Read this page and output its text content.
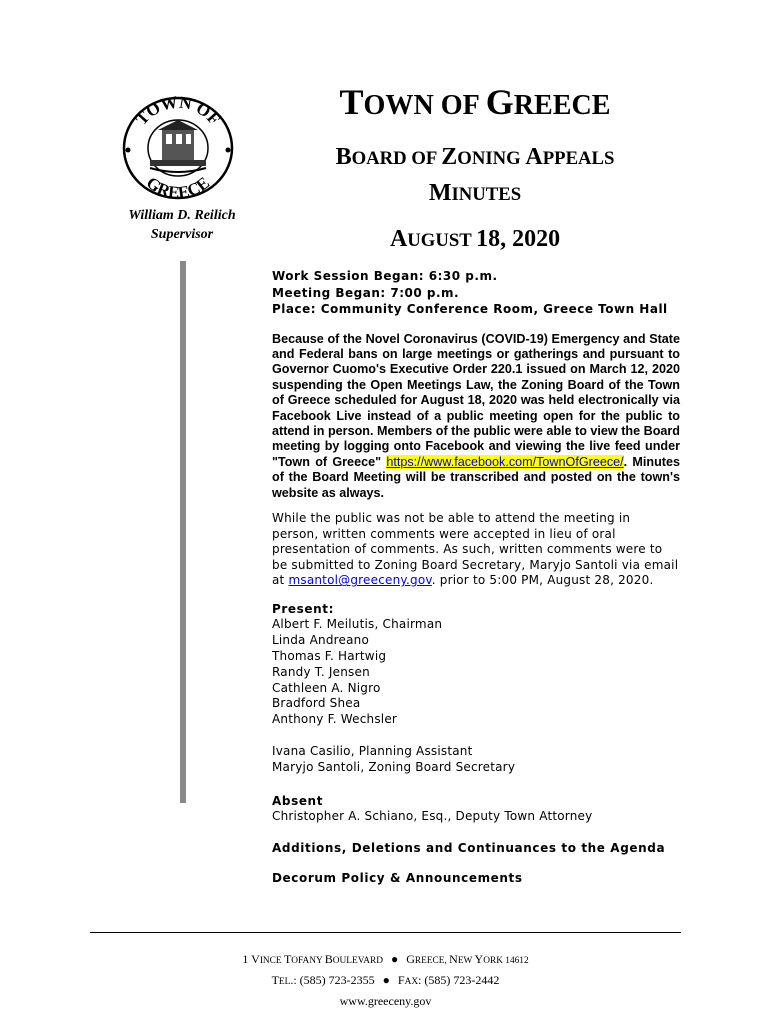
TOWN OF
GREECE
William D. Reilich
Supervisor
TOWN OF GREECE
BOARD OF ZONING APPEALS
MINUTES
AUGUST 18, 2020
Work Session Began: 6:30 p.m.
Meeting Began: 7:00 p.m.
Place: Community Conference Room, Greece Town Hall
Because of the Novel Coronavirus (COVID-19) Emergency and State and Federal bans on large meetings or gatherings and pursuant to Governor Cuomo's Executive Order 220.1 issued on March 12, 2020 suspending the Open Meetings Law, the Zoning Board of the Town of Greece scheduled for August 18, 2020 was held electronically via Facebook Live instead of a public meeting open for the public to attend in person. Members of the public were able to view the Board meeting by logging onto Facebook and viewing the live feed under "Town of Greece" https://www.facebook.com/TownOfGreece/. Minutes of the Board Meeting will be transcribed and posted on the town's website as always.
While the public was not be able to attend the meeting in person, written comments were accepted in lieu of oral presentation of comments. As such, written comments were to be submitted to Zoning Board Secretary, Maryjo Santoli via email at msantol@greeceny.gov. prior to 5:00 PM, August 28, 2020.
Present:
Albert F. Meilutis, Chairman
Linda Andreano
Thomas F. Hartwig
Randy T. Jensen
Cathleen A. Nigro
Bradford Shea
Anthony F. Wechsler
Ivana Casilio, Planning Assistant
Maryjo Santoli, Zoning Board Secretary
Absent
Christopher A. Schiano, Esq., Deputy Town Attorney
Additions, Deletions and Continuances to the Agenda
Decorum Policy & Announcements
1 VINCE TOFANY BOULEVARD ● GREECE, NEW YORK 14612
TEL.: (585) 723-2355 ● FAX: (585) 723-2442
www.greeceny.gov
